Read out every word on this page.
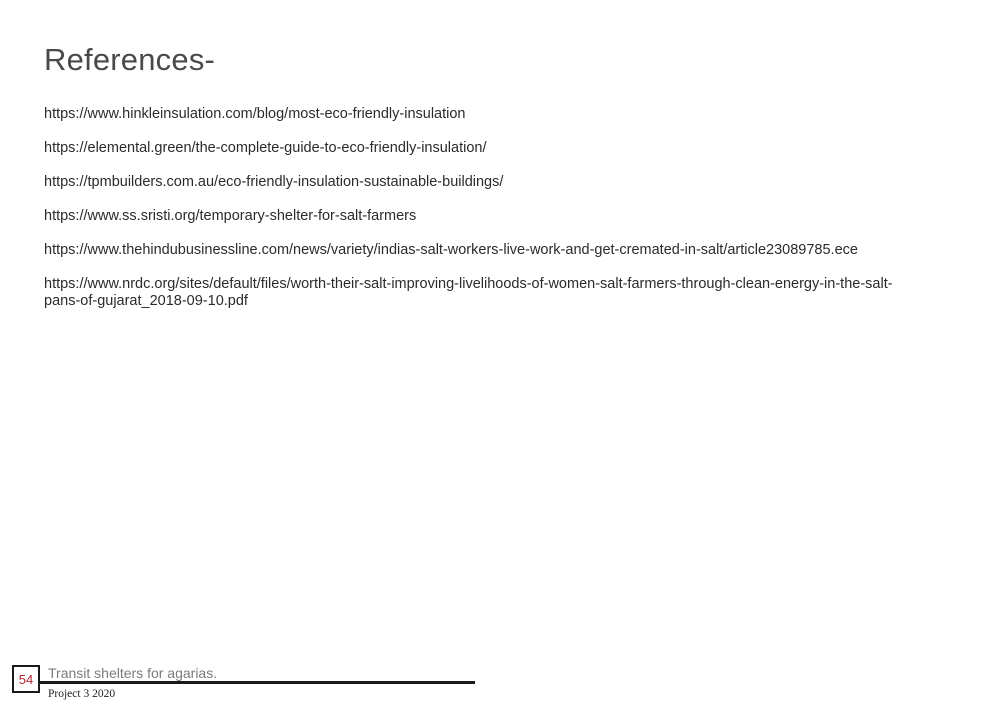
References-
https://www.hinkleinsulation.com/blog/most-eco-friendly-insulation
https://elemental.green/the-complete-guide-to-eco-friendly-insulation/
https://tpmbuilders.com.au/eco-friendly-insulation-sustainable-buildings/
https://www.ss.sristi.org/temporary-shelter-for-salt-farmers
https://www.thehindubusinessline.com/news/variety/indias-salt-workers-live-work-and-get-cremated-in-salt/article23089785.ece
https://www.nrdc.org/sites/default/files/worth-their-salt-improving-livelihoods-of-women-salt-farmers-through-clean-energy-in-the-salt-pans-of-gujarat_2018-09-10.pdf
54 Transit shelters for agarias.
Project 3 2020
